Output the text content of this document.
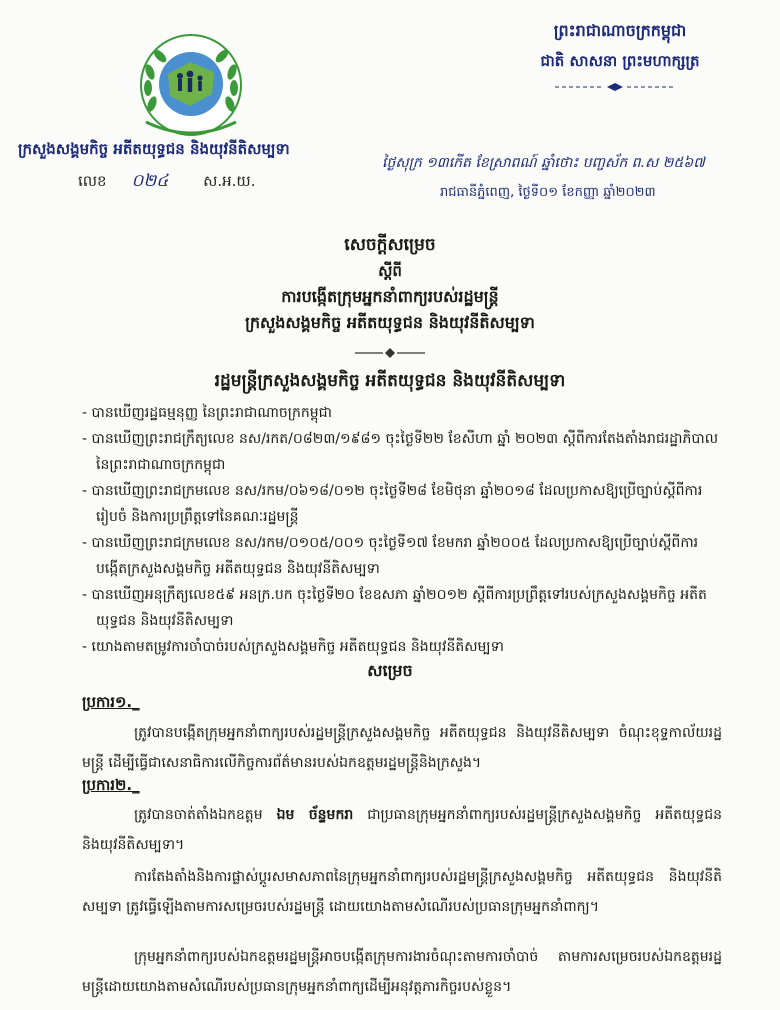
ក្រសួងសង្គមកិច្ច អតីតយុទ្ធជន និងយុវនីតិសម្បទា
លេខ ០២៤ ស.អ.យ.
ព្រះរាជាណាចក្រកម្ពុជា
ជាតិ សាសនា ព្រះមហាក្សត្រ
ថ្ងៃសុក្រ ១៣កើត ខែស្រាពណ៍ ឆ្នាំថោះ បញ្ចស័ក ព.ស ២៥៦៧
រាជធានីភ្នំពេញ, ថ្ងៃទី០១ ខែកញ្ញា ឆ្នាំ២០២៣
សេចក្តីសម្រេច
ស្តីពី
ការបង្កើតក្រុមអ្នកនាំពាក្យរបស់រដ្ឋមន្ត្រី
ក្រសួងសង្គមកិច្ច អតីតយុទ្ធជន និងយុវនីតិសម្បទា
រដ្ឋមន្ត្រីក្រសួងសង្គមកិច្ច អតីតយុទ្ធជន និងយុវនីតិសម្បទា
- បានឃើញរដ្ឋធម្មនុញ្ញ នៃព្រះរាជាណាចក្រកម្ពុជា
- បានឃើញព្រះរាជក្រឹត្យលេខ នស/រកត/០៨២៣/១៩៨១ ចុះថ្ងៃទី២២ ខែសីហា ឆ្នាំ ២០២៣ ស្តីពីការតែងតាំងរាជរដ្ឋាភិបាលនៃព្រះរាជាណាចក្រកម្ពុជា
- បានឃើញព្រះរាជក្រមលេខ នស/រកម/០៦១៨/០១២ ចុះថ្ងៃទី២៨ ខែមិថុនា ឆ្នាំ២០១៨ ដែលប្រកាសឱ្យប្រើច្បាប់ស្តីពីការរៀបចំ និងការប្រព្រឹត្តទៅនៃគណៈរដ្ឋមន្ត្រី
- បានឃើញព្រះរាជក្រមលេខ នស/រកម/០១០៥/០០១ ចុះថ្ងៃទី១៧ ខែមករា ឆ្នាំ២០០៥ ដែលប្រកាសឱ្យប្រើច្បាប់ស្តីពីការបង្កើតក្រសួងសង្គមកិច្ច អតីតយុទ្ធជន និងយុវនីតិសម្បទា
- បានឃើញអនុក្រឹត្យលេខ៥៩ អនក្រ.បក ចុះថ្ងៃទី២០ ខែឧសភា ឆ្នាំ២០១២ ស្តីពីការប្រព្រឹត្តទៅរបស់ក្រសួងសង្គមកិច្ច អតីតយុទ្ធជន និងយុវនីតិសម្បទា
- យោងតាមតម្រូវការចាំបាច់របស់ក្រសួងសង្គមកិច្ច អតីតយុទ្ធជន និងយុវនីតិសម្បទា
សម្រេច
ប្រការ១._
ត្រូវបានបង្កើតក្រុមអ្នកនាំពាក្យរបស់រដ្ឋមន្ត្រីក្រសួងសង្គមកិច្ច អតីតយុទ្ធជន និងយុវនីតិសម្បទា ចំណុះខុទ្ទកាល័យរដ្ឋមន្ត្រី ដើម្បីធ្វើជាសេនាធិការលើកិច្ចការព័ត៌មានរបស់ឯកឧត្តមរដ្ឋមន្ត្រីនិងក្រសួង។
ប្រការ២._
ត្រូវបានចាត់តាំងឯកឧត្តម ឯម ច័ន្ទមករា ជាប្រធានក្រុមអ្នកនាំពាក្យរបស់រដ្ឋមន្ត្រីក្រសួងសង្គមកិច្ច អតីតយុទ្ធជន និងយុវនីតិសម្បទា។
ការតែងតាំងនិងការផ្លាស់ប្តូរសមាសភាពនៃក្រុមអ្នកនាំពាក្យរបស់រដ្ឋមន្ត្រីក្រសួងសង្គមកិច្ច អតីតយុទ្ធជន និងយុវនីតិសម្បទា ត្រូវធ្វើឡើងតាមការសម្រេចរបស់រដ្ឋមន្ត្រី ដោយយោងតាមសំណើរបស់ប្រធានក្រុមអ្នកនាំពាក្យ។
ក្រុមអ្នកនាំពាក្យរបស់ឯកឧត្តមរដ្ឋមន្ត្រីអាចបង្កើតក្រុមការងារចំណុះតាមការចាំបាច់ តាមការសម្រេចរបស់ឯកឧត្តមរដ្ឋមន្ត្រីដោយយោងតាមសំណើរបស់ប្រធានក្រុមអ្នកនាំពាក្យដើម្បីអនុវត្តភារកិច្ចរបស់ខ្លួន។
